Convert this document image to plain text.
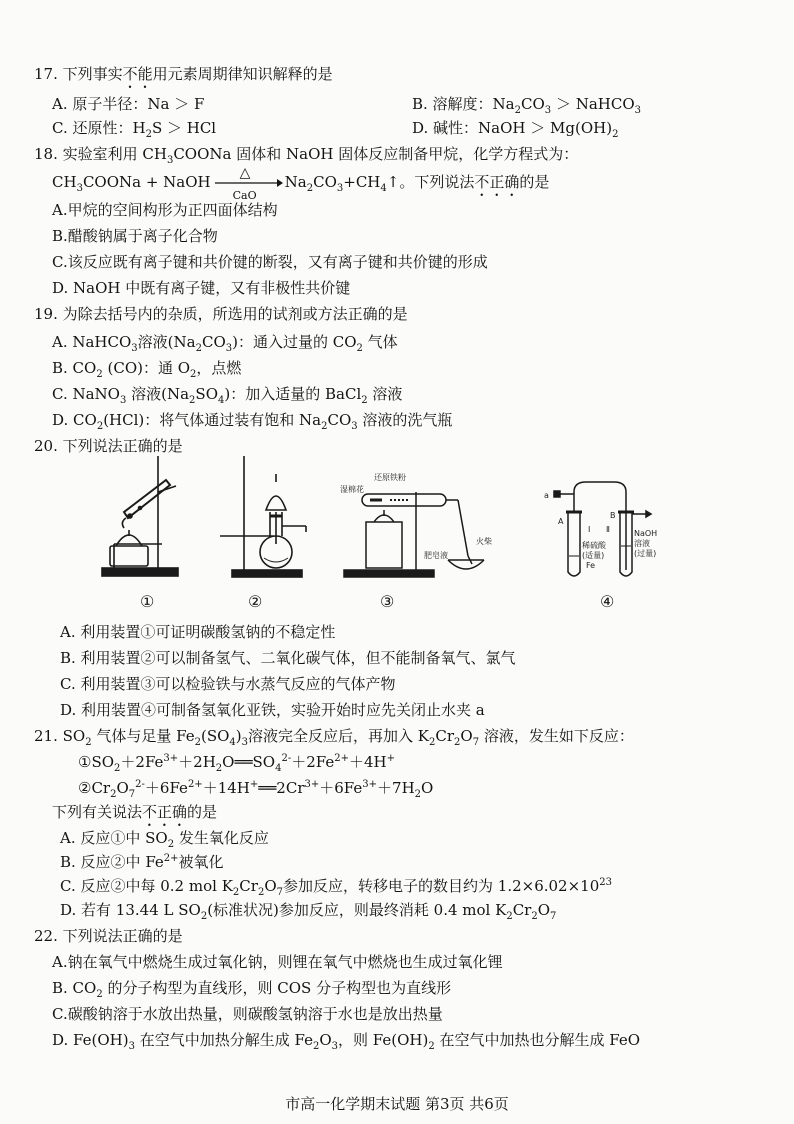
17. 下列事实不能用元素周期律知识解释的是
A. 原子半径：Na ＞ F	B. 溶解度：$Na_2CO_3$ ＞ NaHCO$_3$
C. 还原性：$H_2S$ ＞ HCl	D. 碱性：NaOH ＞ $Mg(OH)_2$
18. 实验室利用 $CH_3COONa$ 固体和 NaOH 固体反应制备甲烷，化学方程式为：
$CH_3COONa$ + NaOH △
CaO
$Na_2CO_3+CH_4↑$。下列说法不正确的是
A.甲烷的空间构形为正四面体结构
B.醋酸钠属于离子化合物
C.该反应既有离子键和共价键的断裂，又有离子键和共价键的形成
D. NaOH 中既有离子键，又有非极性共价键
19. 为除去括号内的杂质，所选用的试剂或方法正确的是
A. NaHCO$_3$溶液$(Na_2CO_3)$：通入过量的 $CO_2$ 气体
B. $CO_2$ (CO)：通 $O_2$，点燃
C. NaNO$_3$ 溶液$(Na_2SO_4)$：加入适量的 BaCl$_2$ 溶液
D. $CO_2(HCl)$：将气体通过装有饱和 $Na_2CO_3$ 溶液的洗气瓶
20. 下列说法正确的是
还原铁粉
湿棉花
肥皂液
火柴
a
A
Ⅰ Ⅱ
B
稀硫酸
(适量)
Fe
NaOH
溶液
(过量)
①	②	③	④
A. 利用装置①可证明碳酸氢钠的不稳定性
B. 利用装置②可以制备氢气、二氧化碳气体，但不能制备氧气、氯气
C. 利用装置③可以检验铁与水蒸气反应的气体产物
D. 利用装置④可制备氢氧化亚铁，实验开始时应先关闭止水夹 a
21. $SO_2$ 气体与足量 $Fe_2(SO_4)_3$溶液完全反应后，再加入 $K_2Cr_2O_7$ 溶液，发生如下反应：
$①SO_2+2Fe^{3+}+2H_2O══SO_4^{2-}+2Fe^{2+}+4H^+$
$②Cr_2O_7^{2-}+6Fe^{2+}+14H^+══2Cr^{3+}+6Fe^{3+}+7H_2O$
下列有关说法不正确的是
A. 反应①中 $SO_2$ 发生氧化反应
B. 反应②中 $Fe^{2+}$被氧化
C. 反应②中每 0.2 mol $K_2Cr_2O_7$参加反应，转移电子的数目约为 $1.2\times 6.02\times 10^{23}$
D. 若有 13.44 L $SO_2$(标准状况)参加反应，则最终消耗 0.4 mol $K_2Cr_2O_7$
22. 下列说法正确的是
A.钠在氧气中燃烧生成过氧化钠，则锂在氧气中燃烧也生成过氧化锂
B. $CO_2$ 的分子构型为直线形，则 COS 分子构型也为直线形
C.碳酸钠溶于水放出热量，则碳酸氢钠溶于水也是放出热量
D. $Fe(OH)_3$ 在空气中加热分解生成 $Fe_2O_3$，则 $Fe(OH)_2$ 在空气中加热也分解生成 FeO
市高一化学期末试题 第3页 共6页
